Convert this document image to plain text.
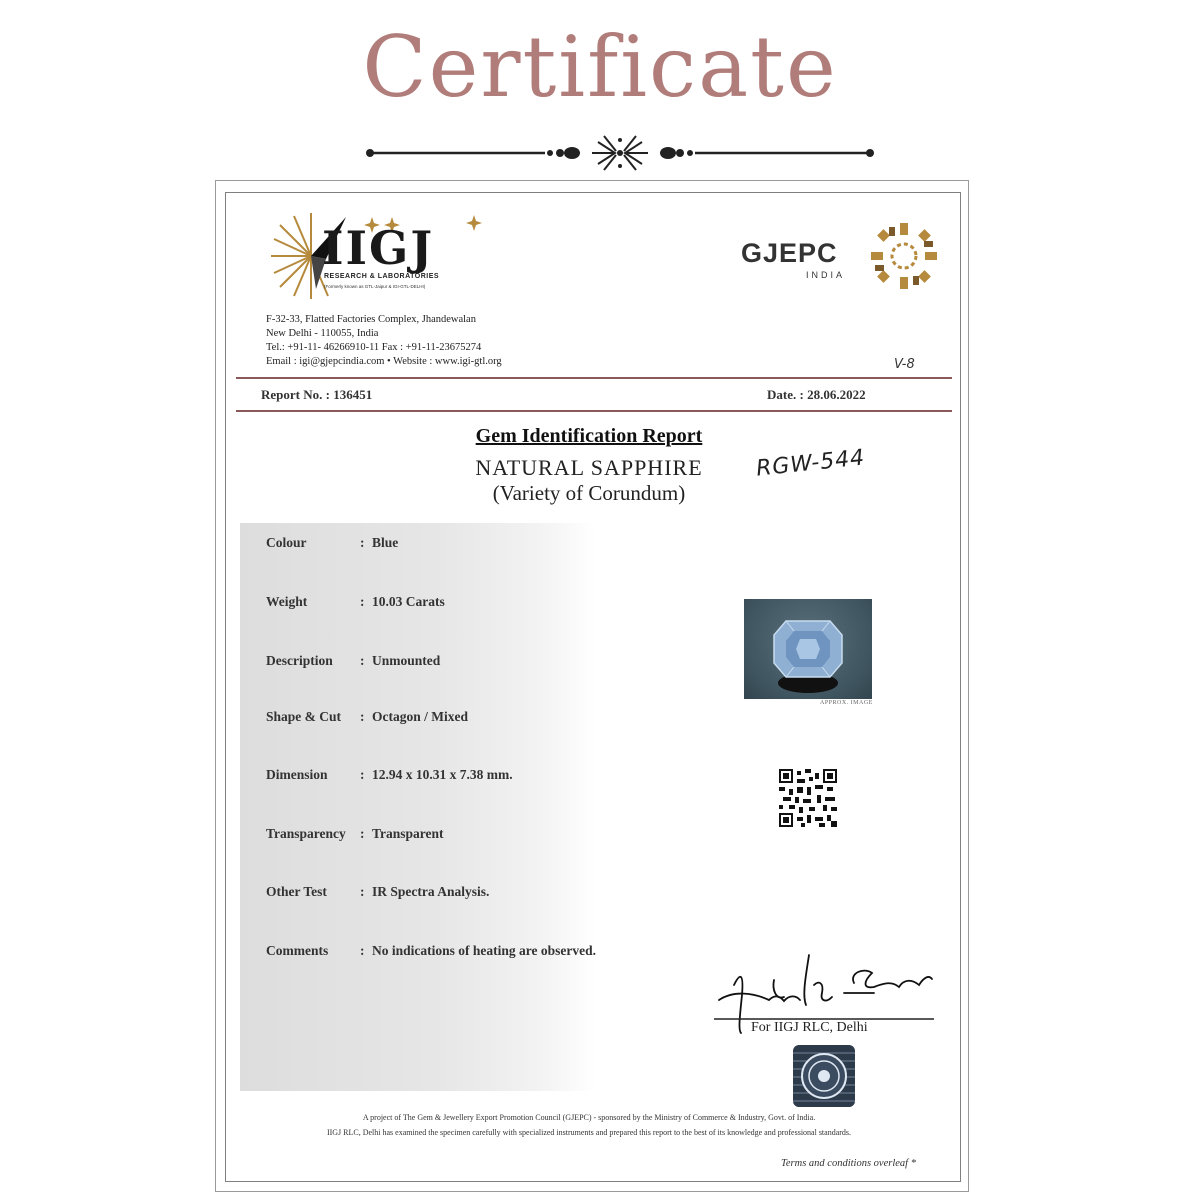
Certificate
IIGJ
RESEARCH & LABORATORIES
(Formerly known as GTL-Jaipur & IGI-GTL-DELHI)
F-32-33, Flatted Factories Complex, Jhandewalan
New Delhi - 110055, India
Tel.: +91-11- 46266910-11 Fax : +91-11-23675274
Email : igi@gjepcindia.com • Website : www.igi-gtl.org
GJEPC
INDIA
V-8
Report No. : 136451	Date. : 28.06.2022
Gem Identification Report
NATURAL SAPPHIRE
(Variety of Corundum)
RGW-544
Colour	: Blue
Weight	: 10.03 Carats
Description : Unmounted
Shape & Cut : Octagon / Mixed
Dimension : 12.94 x 10.31 x 7.38 mm.
Transparency : Transparent
Other Test : IR Spectra Analysis.
Comments : No indications of heating are observed.
APPROX. IMAGE
For IIGJ RLC, Delhi
A project of The Gem & Jewellery Export Promotion Council (GJEPC) - sponsored by the Ministry of Commerce & Industry, Govt. of India.
IIGJ RLC, Delhi has examined the specimen carefully with specialized instruments and prepared this report to the best of its knowledge and professional standards.
Terms and conditions overleaf *
